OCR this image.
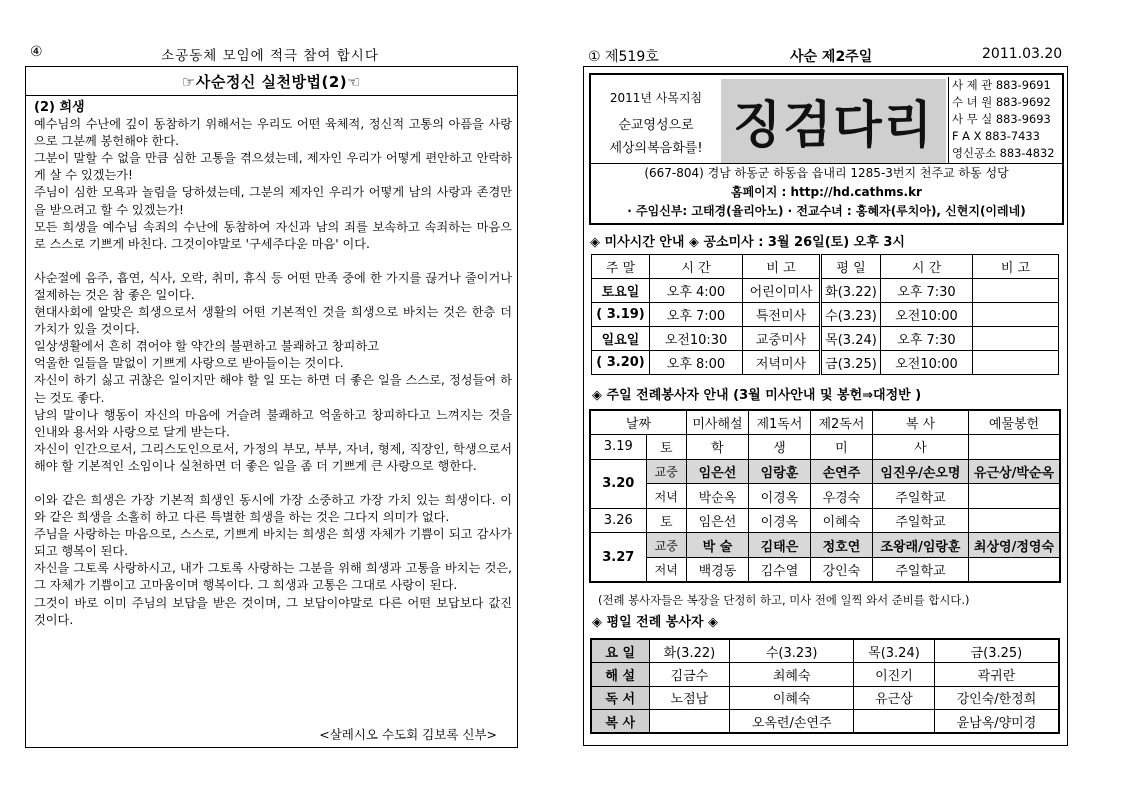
④	소공동체 모임에 적극 참여 합시다
☞사순정신 실천방법(2)☜
(2) 희생

예수님의 수난에 깊이 동참하기 위해서는 우리도 어떤 육체적, 정신적 고통의 아픔을 사랑으로 그분께 봉헌해야 한다.

그분이 말할 수 없을 만큼 심한 고통을 겪으셨는데, 제자인 우리가 어떻게 편안하고 안락하게 살 수 있겠는가!

주님이 심한 모욕과 놀림을 당하셨는데, 그분의 제자인 우리가 어떻게 남의 사랑과 존경만을 받으려고 할 수 있겠는가!

모든 희생을 예수님 속죄의 수난에 동참하여 자신과 남의 죄를 보속하고 속죄하는 마음으로 스스로 기쁘게 바친다. 그것이야말로 '구세주다운 마음' 이다.

사순절에 음주, 흡연, 식사, 오락, 취미, 휴식 등 어떤 만족 중에 한 가지를 끊거나 줄이거나 절제하는 것은 참 좋은 일이다.

현대사회에 알맞은 희생으로서 생활의 어떤 기본적인 것을 희생으로 바치는 것은 한층 더 가치가 있을 것이다.

일상생활에서 흔히 겪어야 할 약간의 불편하고 불쾌하고 창피하고

억울한 일들을 말없이 기쁘게 사랑으로 받아들이는 것이다.

자신이 하기 싫고 귀찮은 일이지만 해야 할 일 또는 하면 더 좋은 일을 스스로, 정성들여 하는 것도 좋다.

남의 말이나 행동이 자신의 마음에 거슬려 불쾌하고 억울하고 창피하다고 느껴지는 것을 인내와 용서와 사랑으로 달게 받는다.

자신이 인간으로서, 그리스도인으로서, 가정의 부모, 부부, 자녀, 형제, 직장인, 학생으로서 해야 할 기본적인 소임이나 실천하면 더 좋은 일을 좀 더 기쁘게 큰 사랑으로 행한다.

이와 같은 희생은 가장 기본적 희생인 동시에 가장 소중하고 가장 가치 있는 희생이다. 이와 같은 희생을 소홀히 하고 다른 특별한 희생을 하는 것은 그다지 의미가 없다.

주님을 사랑하는 마음으로, 스스로, 기쁘게 바치는 희생은 희생 자체가 기쁨이 되고 감사가 되고 행복이 된다.

자신을 그토록 사랑하시고, 내가 그토록 사랑하는 그분을 위해 희생과 고통을 바치는 것은, 그 자체가 기쁨이고 고마움이며 행복이다. 그 희생과 고통은 그대로 사랑이 된다.

그것이 바로 이미 주님의 보답을 받은 것이며, 그 보답이야말로 다른 어떤 보답보다 값진 것이다.

<살레시오 수도회 김보록 신부>
① 제519호	사순 제2주일	2011.03.20
2011년 사목지침
순교영성으로
세상의복음화를! 징검다리
사 제 관 883-9691
수 녀 원 883-9692
사 무 실 883-9693
F A X 883-7433
영신공소 883-4832
(667-804) 경남 하동군 하동읍 읍내리 1285-3번지 천주교 하동 성당
홈페이지 : http://hd.cathms.kr
· 주임신부: 고태경(율리아노) · 전교수녀 : 홍혜자(루치아), 신현지(이레네)
◈ 미사시간 안내 ◈ 공소미사 : 3월 26일(토) 오후 3시
주 말	시 간	비 고	평 일	시 간	비 고
토요일	오후 4:00	어린이미사	화(3.22)	오후 7:30	
( 3.19)	오후 7:00	특전미사	수(3.23)	오전10:00	
일요일	오전10:30	교중미사	목(3.24)	오후 7:30	
( 3.20)	오후 8:00	저녁미사	금(3.25)	오전10:00	
◈ 주일 전례봉사자 안내 (3월 미사안내 및 봉헌⇒대정반 )
날짜		미사해설	제1독서	제2독서	복 사	예물봉헌
3.19	토	학	생	미	사	
3.20	교중	임은선	임랑훈	손연주	임진우/손오명	유근상/박순옥
	저녁	박순옥	이경옥	우경숙	주일학교	
3.26	토	임은선	이경옥	이혜숙	주일학교	
3.27	교중	박 술	김태은	정호연	조왕래/임랑훈	최상영/정영숙
	저녁	백경동	김수열	강인숙	주일학교	
(전례 봉사자들은 복장을 단정히 하고, 미사 전에 일찍 와서 준비를 합시다.)
◈ 평일 전례 봉사자 ◈
요 일	화(3.22)	수(3.23)	목(3.24)	금(3.25)
해 설	김금수	최혜숙	이진기	곽귀란
독 서	노점남	이혜숙	유근상	강인숙/한정희
복 사		오옥련/손연주		윤남옥/양미경
